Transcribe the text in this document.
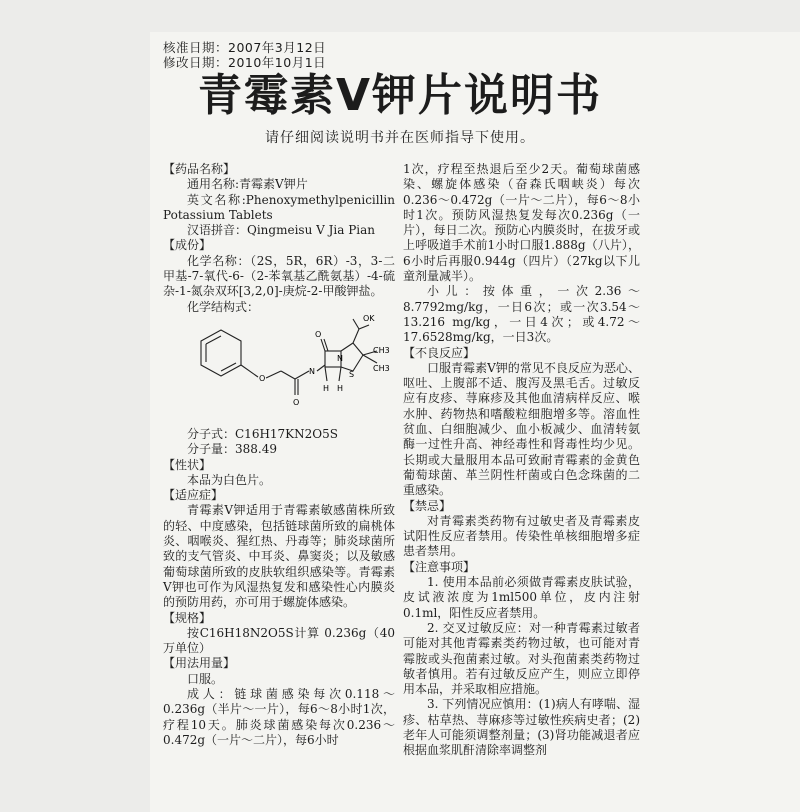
核准日期：2007年3月12日
修改日期：2010年10月1日
青霉素V钾片说明书
请仔细阅读说明书并在医师指导下使用。

【 药品名称 】

通用名称:青霉素V钾片

英文名称:Phenoxymethylpenicillin Potassium Tablets

汉语拼音：Qingmeisu V Jia Pian

【 成份 】

化学名称：（2S，5R，6R）-3，3-二甲基-7-氧代-6-（2-苯氧基乙酰氨基）-4-硫杂-1-氮杂双环[3,2,0]-庚烷-2-甲酸钾盐。

化学结构式：

O
O
N
O
N
S
OK
H H
CH3
CH3

分子式：C16H17KN2O5S

分子量：388.49

【 性状 】

本品为白色片。

【 适应症 】

青霉素V钾适用于青霉素敏感菌株所致的轻、中度感染，包括链球菌所致的扁桃体炎、咽喉炎、猩红热、丹毒等；肺炎球菌所致的支气管炎、中耳炎、鼻窦炎；以及敏感葡萄球菌所致的皮肤软组织感染等。青霉素V钾也可作为风湿热复发和感染性心内膜炎的预防用药，亦可用于螺旋体感染。

【 规格 】

按C16H18N2O5S计算 0.236g（40万单位）

【 用法用量 】

口服。

成人：链球菌感染每次0.118～0.236g（半片～一片），每6～8小时1次，疗程10天。肺炎球菌感染每次0.236～0.472g（一片～二片），每6小时

1次，疗程至热退后至少2天。葡萄球菌感染、螺旋体感染（奋森氏咽峡炎）每次0.236～0.472g（一片～二片），每6～8小时1次。预防风湿热复发每次0.236g（一片），每日二次。预防心内膜炎时，在拔牙或上呼吸道手术前1小时口服1.888g（八片），6小时后再服0.944g（四片）（27kg以下儿童剂量减半）。

小儿：按体重，一次2.36～8.7792mg/kg，一日6次；或一次3.54～13.216 mg/kg，一日4次；或4.72～17.6528mg/kg，一日3次。

【 不良反应 】

口服青霉素V钾的常见不良反应为恶心、呕吐、上腹部不适、腹泻及黑毛舌。过敏反应有皮疹、荨麻疹及其他血清病样反应、喉水肿、药物热和嗜酸粒细胞增多等。溶血性贫血、白细胞减少、血小板减少、血清转氨酶一过性升高、神经毒性和肾毒性均少见。长期或大量服用本品可致耐青霉素的金黄色葡萄球菌、革兰阴性杆菌或白色念珠菌的二重感染。

【 禁忌 】

对青霉素类药物有过敏史者及青霉素皮试阳性反应者禁用。传染性单核细胞增多症患者禁用。

【 注意事项 】

1. 使用本品前必须做青霉素皮肤试验，皮试液浓度为1ml500单位，皮内注射0.1ml，阳性反应者禁用。

2. 交叉过敏反应：对一种青霉素过敏者可能对其他青霉素类药物过敏，也可能对青霉胺或头孢菌素过敏。对头孢菌素类药物过敏者慎用。若有过敏反应产生，则应立即停用本品，并采取相应措施。

3. 下列情况应慎用：(1)病人有哮喘、湿疹、枯草热、荨麻疹等过敏性疾病史者；(2)老年人可能须调整剂量；(3)肾功能减退者应根据血浆肌酐清除率调整剂
